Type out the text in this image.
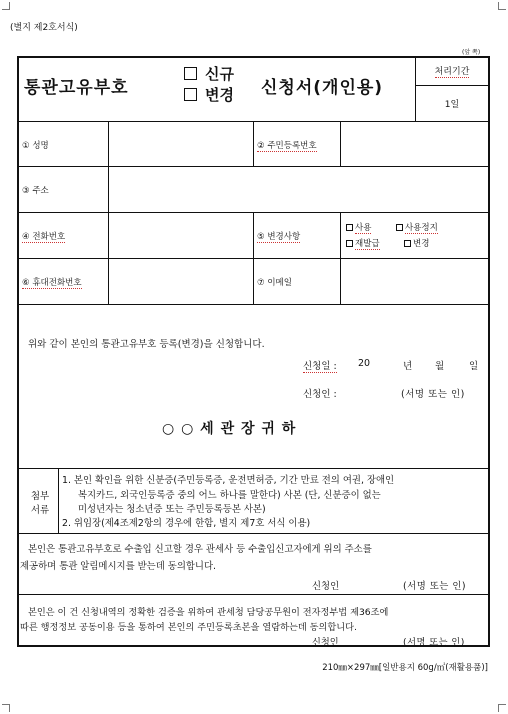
(별지 제2호서식)
(앞 쪽)
통관고유부호
신규
변경 신청서(개인용)
처리기간
1일
① 성명	② 주민등록번호
③ 주소
④ 전화번호	⑤ 변경사항
사용	사용정지
재발급	변경
⑥ 휴대전화번호	⑦ 이메일
위와 같이 본인의 통관고유부호 등록(변경)을 신청합니다.
신청일 : 20	년 월	일
신청인 :	(서명 또는 인)
○ ○ 세 관 장 귀 하
첨부
서류
1. 본인 확인을 위한 신분증(주민등록증, 운전면허증, 기간 만료 전의 여권, 장애인
복지카드, 외국인등록증 중의 어느 하나를 말한다) 사본 (단, 신분증이 없는
미성년자는 청소년증 또는 주민등록등본 사본)
2. 위임장(제4조제2항의 경우에 한함, 별지 제7호 서식 이용)
본인은 통관고유부호로 수출입 신고할 경우 관세사 등 수출입신고자에게 위의 주소를
제공하며 통관 알림메시지를 받는데 동의합니다.
신청인	(서명 또는 인)
본인은 이 건 신청내역의 정확한 검증을 위하여 관세청 담당공무원이 전자정부법 제36조에
따른 행정정보 공동이용 등을 통하여 본인의 주민등록초본을 열람하는데 동의합니다.
신청인	(서명 또는 인)
210㎜×297㎜[일반용지 60g/㎡(재활용품)]
